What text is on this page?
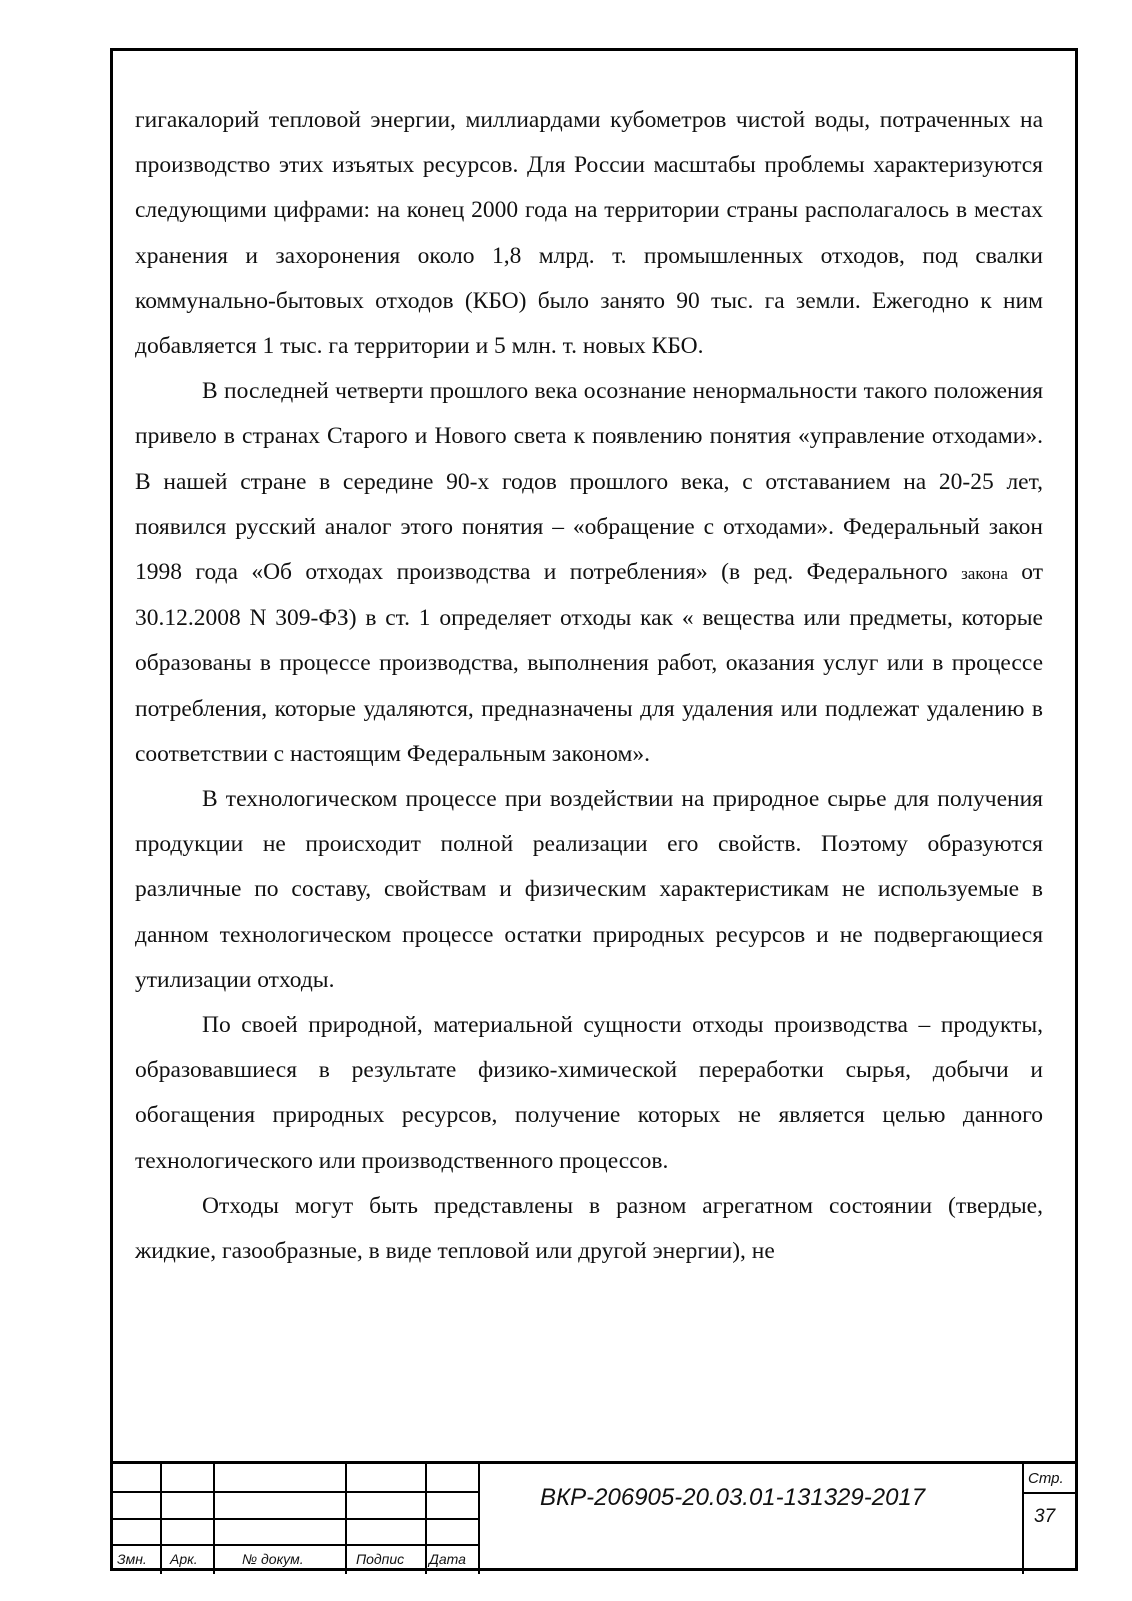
гигакалорий тепловой энергии, миллиардами кубометров чистой воды, потраченных на производство этих изъятых ресурсов. Для России масштабы проблемы характеризуются следующими цифрами: на конец 2000 года на территории страны располагалось в местах хранения и захоронения около 1,8 млрд. т. промышленных отходов, под свалки коммунально-бытовых отходов (КБО) было занято 90 тыс. га земли. Ежегодно к ним добавляется 1 тыс. га территории и 5 млн. т. новых КБО.

В последней четверти прошлого века осознание ненормальности такого положения привело в странах Старого и Нового света к появлению понятия «управление отходами». В нашей стране в середине 90-х годов прошлого века, с отставанием на 20-25 лет, появился русский аналог этого понятия – «обращение с отходами». Федеральный закон 1998 года «Об отходах производства и потребления» (в ред. Федерального закона от 30.12.2008 N 309-ФЗ) в ст. 1 определяет отходы как « вещества или предметы, которые образованы в процессе производства, выполнения работ, оказания услуг или в процессе потребления, которые удаляются, предназначены для удаления или подлежат удалению в соответствии с настоящим Федеральным законом».

В технологическом процессе при воздействии на природное сырье для получения продукции не происходит полной реализации его свойств. Поэтому образуются различные по составу, свойствам и физическим характеристикам не используемые в данном технологическом процессе остатки природных ресурсов и не подвергающиеся утилизации отходы.

По своей природной, материальной сущности отходы производства – продукты, образовавшиеся в результате физико-химической переработки сырья, добычи и обогащения природных ресурсов, получение которых не является целью данного технологического или производственного процессов.

Отходы могут быть представлены в разном агрегатном состоянии (твердые, жидкие, газообразные, в виде тепловой или другой энергии), не

Змн. Арк.	№ докум.	Подпис Дата
ВКР-206905-20.03.01-131329-2017
Стр.
37
